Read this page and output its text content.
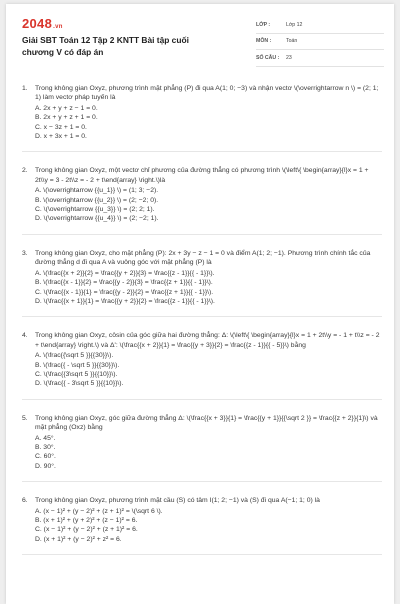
2048.vn
Giải SBT Toán 12 Tập 2 KNTT Bài tập cuối chương V có đáp án
LỚP :	Lớp 12
MÔN :	Toán
SỐ CÂU :	23
1.	Trong không gian Oxyz, phương trình mặt phẳng (P) đi qua A(1; 0; −3) và nhận vectơ \(\overrightarrow n \) = (2; 1; 1) làm vectơ pháp tuyến là
A. 2x + y + z − 1 = 0.
B. 2x + y + z + 1 = 0.
C. x − 3z + 1 = 0.
D. x + 3x + 1 = 0.
2.	Trong không gian Oxyz, một vectơ chỉ phương của đường thẳng có phương trình \(\left\{ \begin{array}{l}x = 1 + 2t\\y = 3 - 2t\\z = - 2 + t\end{array} \right.\)là
A. \(\overrightarrow {{u_1}} \) = (1; 3; −2).
B. \(\overrightarrow {{u_2}} \) = (2; −2; 0).
C. \(\overrightarrow {{u_3}} \) = (2; 2; 1).
D. \(\overrightarrow {{u_4}} \) = (2; −2; 1).
3.	Trong không gian Oxyz, cho mặt phẳng (P): 2x + 3y − z − 1 = 0 và điểm A(1; 2; −1). Phương trình chính tắc của đường thẳng d đi qua A và vuông góc với mặt phẳng (P) là
A. \(\frac{{x + 2}}{2} = \frac{{y + 2}}{3} = \frac{{z - 1}}{{ - 1}}\).
B. \(\frac{{x - 1}}{2} = \frac{{y - 2}}{3} = \frac{{z + 1}}{{ - 1}}\).
C. \(\frac{{x - 1}}{1} = \frac{{y - 2}}{2} = \frac{{z + 1}}{{ - 1}}\).
D. \(\frac{{x + 1}}{1} = \frac{{y + 2}}{2} = \frac{{z - 1}}{{ - 1}}\).
4.	Trong không gian Oxyz, côsin của góc giữa hai đường thẳng: Δ: \(\left\{ \begin{array}{l}x = 1 + 2t\\y = - 1 + t\\z = - 2 + t\end{array} \right.\) và Δ': \(\frac{{x + 2}}{1} = \frac{{y + 3}}{2} = \frac{{z - 1}}{{ - 5}}\) bằng
A. \(\frac{{\sqrt 5 }}{{30}}\).
B. \(\frac{{ - \sqrt 5 }}{{30}}\).
C. \(\frac{{3\sqrt 5 }}{{10}}\).
D. \(\frac{{ - 3\sqrt 5 }}{{10}}\).
5.	Trong không gian Oxyz, góc giữa đường thẳng Δ: \(\frac{{x + 3}}{1} = \frac{{y + 1}}{{\sqrt 2 }} = \frac{{z + 2}}{1}\) và mặt phẳng (Oxz) bằng
A. 45°.
B. 30°.
C. 60°.
D. 90°.
6.	Trong không gian Oxyz, phương trình mặt cầu (S) có tâm I(1; 2; −1) và (S) đi qua A(−1; 1; 0) là
A. (x − 1)² + (y − 2)² + (z + 1)² = \(\sqrt 6 \).
B. (x + 1)² + (y + 2)² + (z − 1)² = 6.
C. (x − 1)² + (y − 2)² + (z + 1)² = 6.
D. (x + 1)² + (y − 2)² + z² = 6.
